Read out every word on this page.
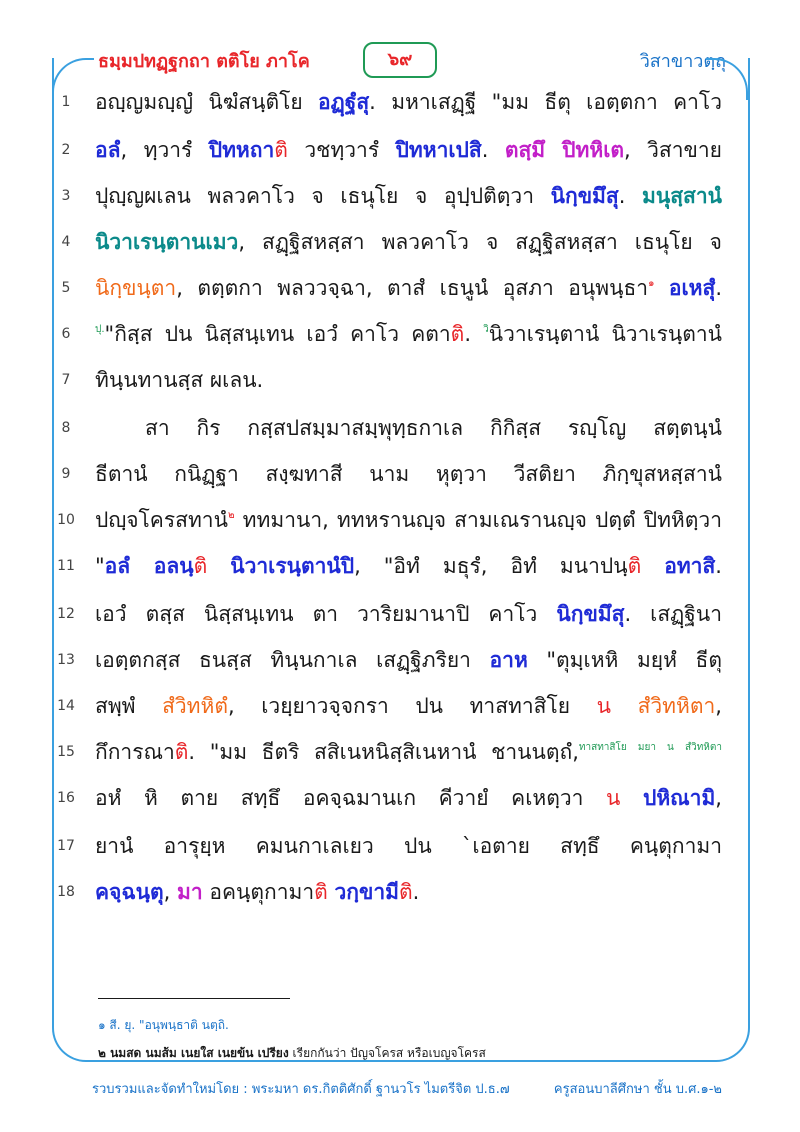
ธมฺมปทฏฺฐกถา ตติโย ภาโค	๖๙	วิสาขาวตฺถุ
1	อญฺญมญฺญํ นิฆํสนฺติโย อฏฺฐํสุ. มหาเสฏฺฐี "มม ธีตุ เอตฺตกา คาโว
2	อลํ, ทฺวารํ ปิทหถาติ วชทฺวารํ ปิทหาเปสิ. ตสฺมึ ปิทหิเต, วิสาขาย
3	ปุญฺญผเลน พลวคาโว จ เธนุโย จ อุปฺปติตฺวา นิกฺขมึสุ. มนุสฺสานํ
4	นิวาเรนฺตานเมว, สฏฺฐิสหสฺสา พลวคาโว จ สฏฺฐิสหสฺสา เธนุโย จ
5	นิกฺขนฺตา, ตตฺตกา พลววจฺฉา, ตาสํ เธนูนํ อุสภา อนุพนฺธา$^๑$ อเหสุํ.
6	$^{ปุ.}$"กิสฺส ปน นิสฺสนฺเทน เอวํ คาโว คตาติ. $^{วิ}$นิวาเรนฺตานํ นิวาเรนฺตานํ
7	ทินฺนทานสฺส ผเลน.
8	สา กิร กสฺสปสมฺมาสมฺพุทฺธกาเล กิกิสฺส รญฺโญ สตฺตนฺนํ
9	ธีตานํ กนิฏฺฐา สงฺฆทาสี นาม หุตฺวา วีสติยา ภิกฺขุสหสฺสานํ
10 ปญฺจโครสทานํ$^๒$ ททมานา, ททหรานญฺจ สามเณรานญฺจ ปตฺตํ ปิทหิตฺวา
11 "อลํ อลนฺติ นิวาเรนฺตานํปิ, "อิทํ มธุรํ, อิทํ มนาปนฺติ อทาสิ.
12 เอวํ ตสฺส นิสฺสนฺเทน ตา วาริยมานาปิ คาโว นิกฺขมึสุ. เสฏฺฐินา
13 เอตฺตกสฺส ธนสฺส ทินฺนกาเล เสฏฺฐิภริยา อาห "ตุมฺเหหิ มยฺหํ ธีตุ
14 สพฺพํ สํวิทหิตํ, เวยฺยาวจฺจกรา ปน ทาสทาสิโย น สํวิทหิตา,
15 กึการณาติ. "มม ธีตริ สสิเนหนิสฺสิเนหานํ ชานนตฺถํ,$^{ทาสทาสิโย มยา น สํวิทหิตา}$
16 อหํ หิ ตาย สทฺธึ อคจฺฉมานเก คีวายํ คเหตฺวา น ปหิณามิ,
17 ยานํ อารุยฺห คมนกาเลเยว ปน `เอตาย สทฺธึ คนฺตุกามา
18 คจฺฉนฺตุ, มา อคนฺตุกามาติ วกฺขามีติ.
๑ สี. ยุ. "อนุพนฺธาติ นตฺถิ.
๒ นมสด นมส้ม เนยใส เนยข้น เปรียง เรียกกันว่า ปัญจโครส หรือเบญจโครส
รวบรวมและจัดทำใหม่โดย : พระมหา ดร.กิตติศักดิ์ ฐานวโร ไมตรีจิต ป.ธ.๗	ครูสอนบาลีศึกษา ชั้น บ.ศ.๑-๒
